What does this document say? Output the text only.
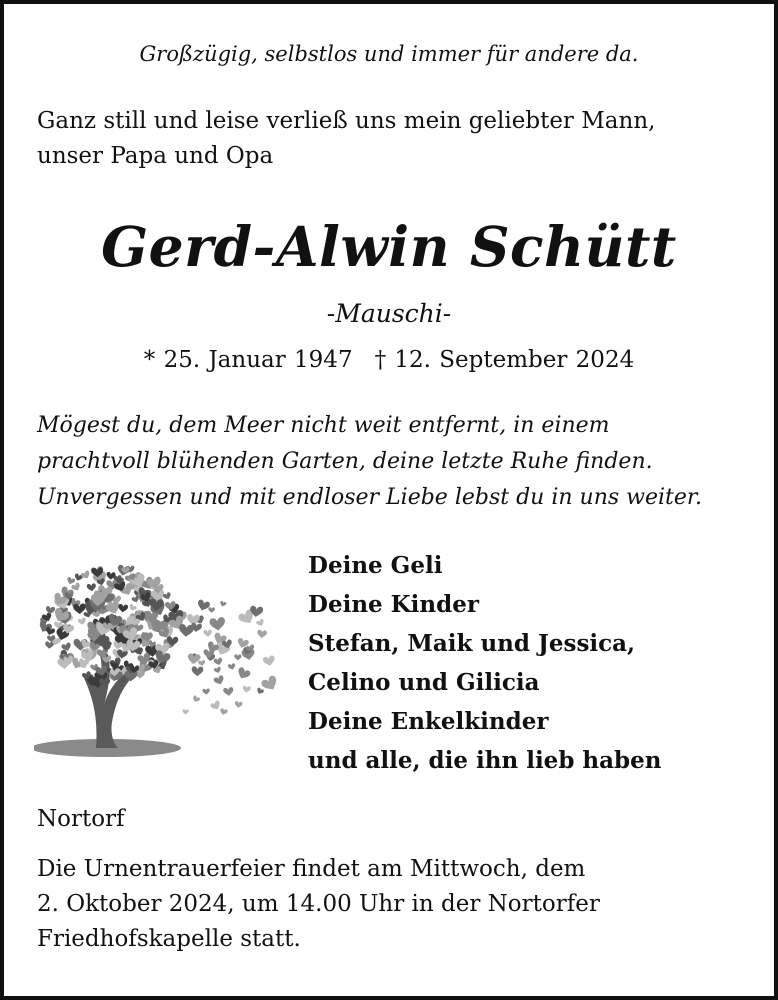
Großzügig, selbstlos und immer für andere da.
Ganz still und leise verließ uns mein geliebter Mann,
unser Papa und Opa
Gerd-Alwin Schütt
-Mauschi-
* 25. Januar 1947 † 12. September 2024
Mögest du, dem Meer nicht weit entfernt, in einem
prachtvoll blühenden Garten, deine letzte Ruhe finden.
Unvergessen und mit endloser Liebe lebst du in uns weiter.
Deine Geli
Deine Kinder
Stefan, Maik und Jessica,
Celino und Gilicia
Deine Enkelkinder
und alle, die ihn lieb haben
Nortorf
Die Urnentrauerfeier findet am Mittwoch, dem
2. Oktober 2024, um 14.00 Uhr in der Nortorfer
Friedhofskapelle statt.
